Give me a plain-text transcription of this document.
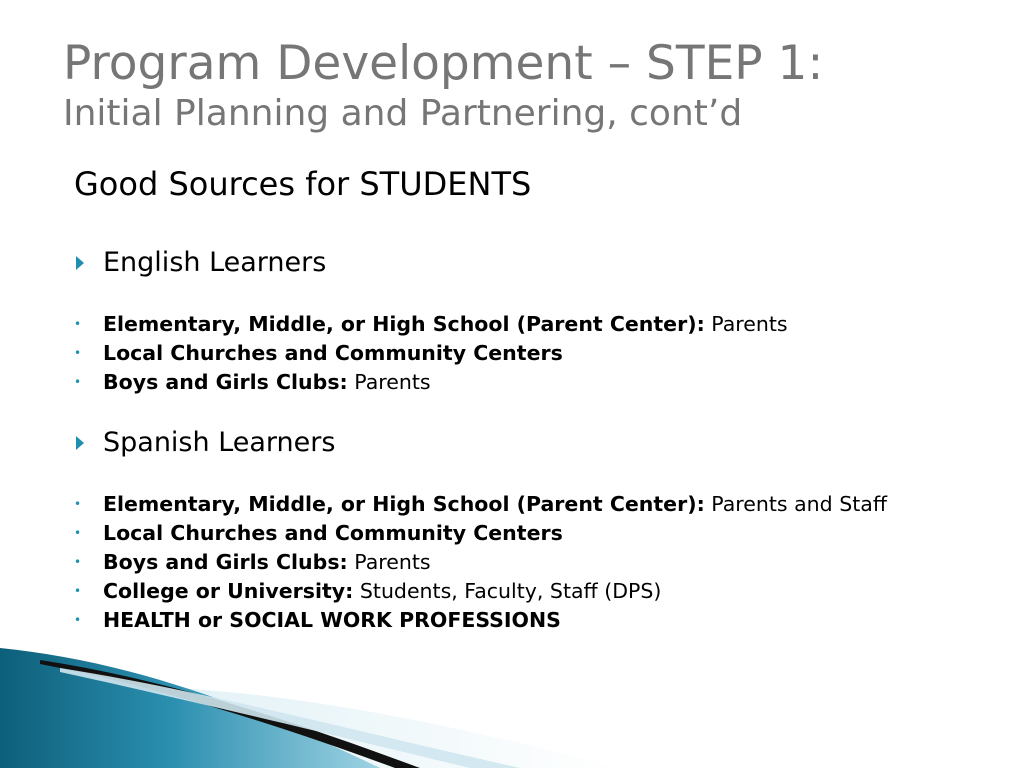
Program Development – STEP 1:
Initial Planning and Partnering, cont’d
Good Sources for STUDENTS
English Learners
• Elementary, Middle, or High School (Parent Center): Parents
• Local Churches and Community Centers
• Boys and Girls Clubs: Parents
Spanish Learners
• Elementary, Middle, or High School (Parent Center): Parents and Staff
• Local Churches and Community Centers
• Boys and Girls Clubs: Parents
• College or University: Students, Faculty, Staff (DPS)
• HEALTH or SOCIAL WORK PROFESSIONS
